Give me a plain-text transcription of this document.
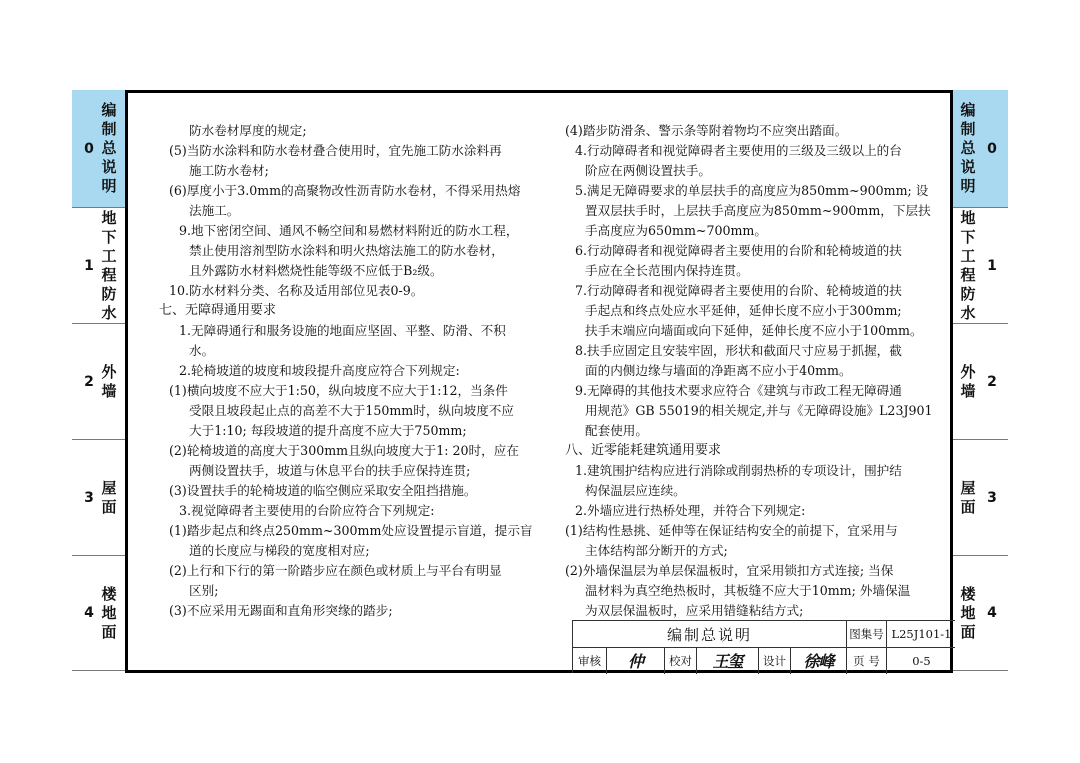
0
编
制
总
说
明
1
地
下
工
程
防
水
2
外
墙
3
屋
面
4
楼
地
面
0
编
制
总
说
明
1
地
下
工
程
防
水
2
外
墙
3
屋
面
4
楼
地
面
防水卷材厚度的规定;
(5)当防水涂料和防水卷材叠合使用时，宜先施工防水涂料再
施工防水卷材;
(6)厚度小于3.0mm的高聚物改性沥青防水卷材，不得采用热熔
法施工。
9.地下密闭空间、通风不畅空间和易燃材料附近的防水工程，
禁止使用溶剂型防水涂料和明火热熔法施工的防水卷材，
且外露防水材料燃烧性能等级不应低于B₂级。
10.防水材料分类、名称及适用部位见表0-9。
七、无障碍通用要求
1.无障碍通行和服务设施的地面应坚固、平整、防滑、不积
水。
2.轮椅坡道的坡度和坡段提升高度应符合下列规定:
(1)横向坡度不应大于1:50，纵向坡度不应大于1:12，当条件
受限且坡段起止点的高差不大于150mm时，纵向坡度不应
大于1:10; 每段坡道的提升高度不应大于750mm;
(2)轮椅坡道的高度大于300mm且纵向坡度大于1: 20时，应在
两侧设置扶手，坡道与休息平台的扶手应保持连贯;
(3)设置扶手的轮椅坡道的临空侧应采取安全阻挡措施。
3.视觉障碍者主要使用的台阶应符合下列规定:
(1)踏步起点和终点250mm~300mm处应设置提示盲道，提示盲
道的长度应与梯段的宽度相对应;
(2)上行和下行的第一阶踏步应在颜色或材质上与平台有明显
区别;
(3)不应采用无踢面和直角形突缘的踏步;
(4)踏步防滑条、警示条等附着物均不应突出踏面。
4.行动障碍者和视觉障碍者主要使用的三级及三级以上的台
阶应在两侧设置扶手。
5.满足无障碍要求的单层扶手的高度应为850mm~900mm; 设
置双层扶手时，上层扶手高度应为850mm~900mm，下层扶
手高度应为650mm~700mm。
6.行动障碍者和视觉障碍者主要使用的台阶和轮椅坡道的扶
手应在全长范围内保持连贯。
7.行动障碍者和视觉障碍者主要使用的台阶、轮椅坡道的扶
手起点和终点处应水平延伸，延伸长度不应小于300mm;
扶手末端应向墙面或向下延伸，延伸长度不应小于100mm。
8.扶手应固定且安装牢固，形状和截面尺寸应易于抓握，截
面的内侧边缘与墙面的净距离不应小于40mm。
9.无障碍的其他技术要求应符合《建筑与市政工程无障碍通
用规范》GB 55019的相关规定,并与《无障碍设施》L23J901
配套使用。
八、近零能耗建筑通用要求
1.建筑围护结构应进行消除或削弱热桥的专项设计，围护结
构保温层应连续。
2.外墙应进行热桥处理，并符合下列规定:
(1)结构性悬挑、延伸等在保证结构安全的前提下，宜采用与
主体结构部分断开的方式;
(2)外墙保温层为单层保温板时，宜采用锁扣方式连接; 当保
温材料为真空绝热板时，其板缝不应大于10mm; 外墙保温
为双层保温板时，应采用错缝粘结方式;
编制总说明	图集号 L25J101-1
审核 仲 校对 王玺 设计 徐峰 页 号	0-5
